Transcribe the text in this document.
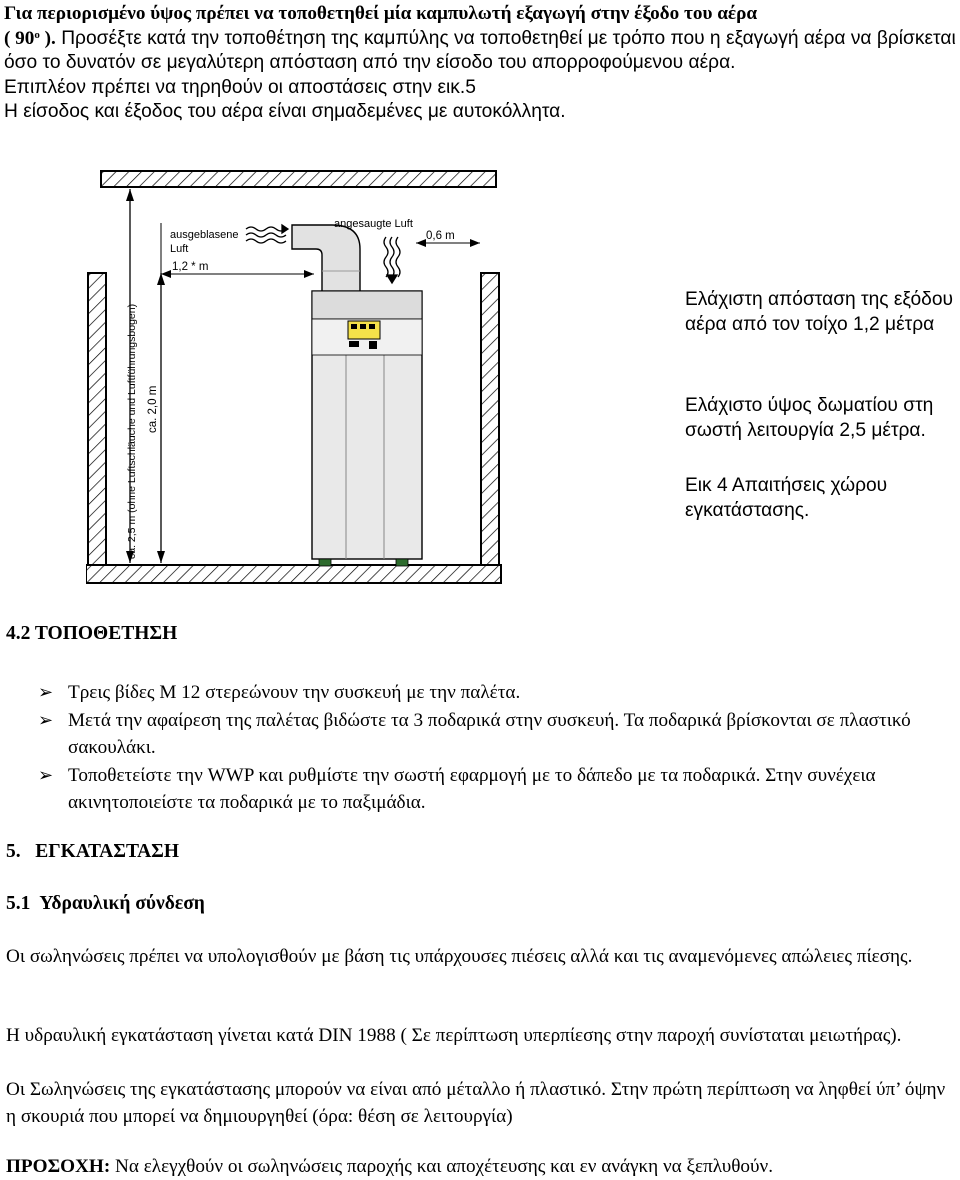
Για περιορισμένο ύψος πρέπει να τοποθετηθεί μία καμπυλωτή εξαγωγή στην έξοδο του αέρα

( 90$^o$ ). Προσέξτε κατά την τοποθέτηση της καμπύλης να τοποθετηθεί με τρόπο που η εξαγωγή αέρα να βρίσκεται όσο το δυνατόν σε μεγαλύτερη απόσταση από την είσοδο του απορροφούμενου αέρα.

Επιπλέον πρέπει να τηρηθούν οι αποστάσεις στην εικ.5

Η είσοδος και έξοδος του αέρα είναι σημαδεμένες με αυτοκόλλητα.

ca. 2,5 m (ohne Luftschläuche und Luftführungsbogen) ca. 2,0 m
1,2 * m
ausgeblasene
Luft
angesaugte Luft
0,6 m

Ελάχιστη απόσταση της εξόδου αέρα από τον τοίχο 1,2 μέτρα

Ελάχιστο ύψος δωματίου στη σωστή λειτουργία 2,5 μέτρα.

Εικ 4 Απαιτήσεις χώρου εγκατάστασης.

4.2 ΤΟΠΟΘΕΤΗΣΗ
➢ Τρεις βίδες Μ 12 στερεώνουν την συσκευή με την παλέτα.
➢ Μετά την αφαίρεση της παλέτας βιδώστε τα 3 ποδαρικά στην συσκευή. Τα ποδαρικά βρίσκονται σε πλαστικό σακουλάκι.
➢ Τοποθετείστε την WWP και ρυθμίστε την σωστή εφαρμογή με το δάπεδο με τα ποδαρικά. Στην συνέχεια ακινητοποιείστε τα ποδαρικά με το παξιμάδια.
5.   ΕΓΚΑΤΑΣΤΑΣΗ
5.1  Υδραυλική σύνδεση

Οι σωληνώσεις πρέπει να υπολογισθούν με βάση τις υπάρχουσες πιέσεις αλλά και τις αναμενόμενες απώλειες πίεσης.

Η υδραυλική εγκατάσταση γίνεται κατά DIN 1988 ( Σε περίπτωση υπερπίεσης στην παροχή συνίσταται μειωτήρας).

Οι Σωληνώσεις της εγκατάστασης μπορούν να είναι από μέταλλο ή πλαστικό. Στην πρώτη περίπτωση να ληφθεί ύπ’ όψην η σκουριά που μπορεί να δημιουργηθεί (όρα: θέση σε λειτουργία)

ΠΡΟΣΟΧΗ: Να ελεγχθούν οι σωληνώσεις παροχής και αποχέτευσης και εν ανάγκη να ξεπλυθούν.
